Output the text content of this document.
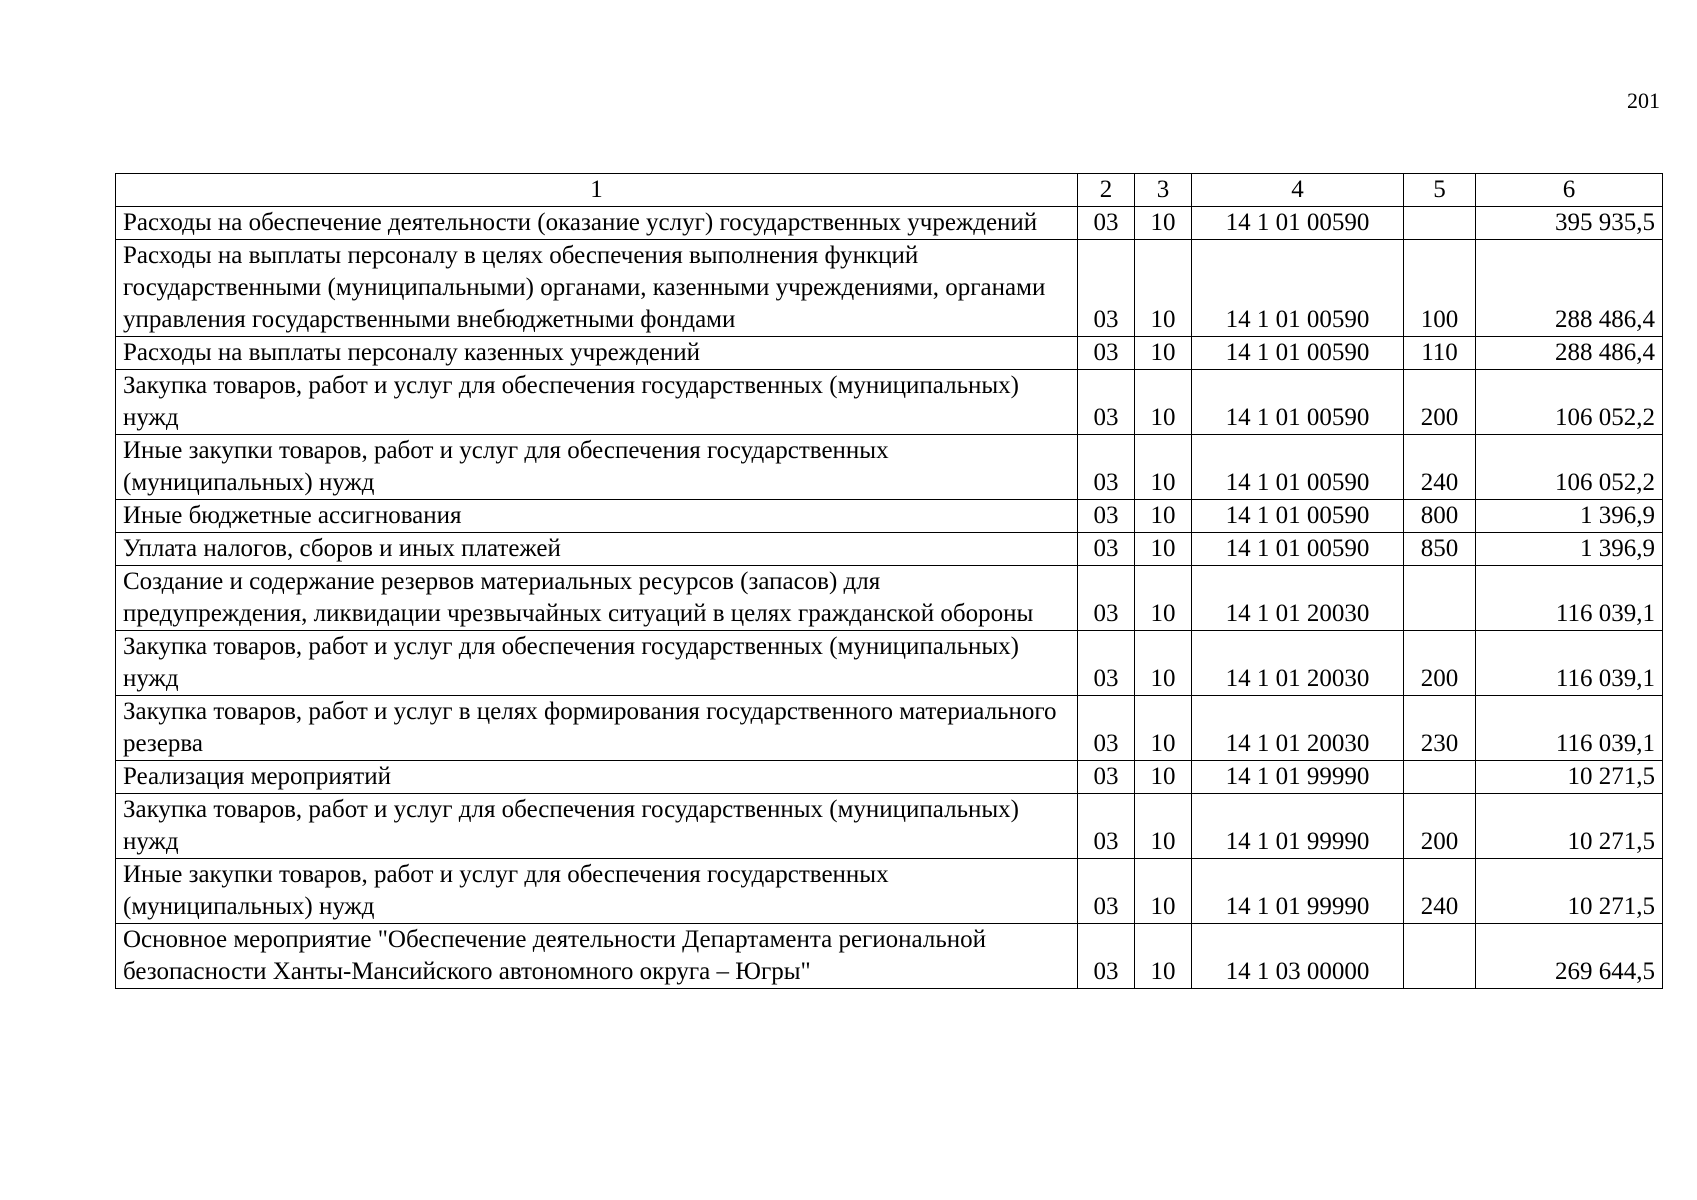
201
1	2	3	4	5	6
Расходы на обеспечение деятельности (оказание услуг) государственных учреждений	03	10	14 1 01 00590		395 935,5
Расходы на выплаты персоналу в целях обеспечения выполнения функций государственными (муниципальными) органами, казенными учреждениями, органами управления государственными внебюджетными фондами	03	10	14 1 01 00590	100	288 486,4
Расходы на выплаты персоналу казенных учреждений	03	10	14 1 01 00590	110	288 486,4
Закупка товаров, работ и услуг для обеспечения государственных (муниципальных) нужд	03	10	14 1 01 00590	200	106 052,2
Иные закупки товаров, работ и услуг для обеспечения государственных (муниципальных) нужд	03	10	14 1 01 00590	240	106 052,2
Иные бюджетные ассигнования	03	10	14 1 01 00590	800	1 396,9
Уплата налогов, сборов и иных платежей	03	10	14 1 01 00590	850	1 396,9
Создание и содержание резервов материальных ресурсов (запасов) для предупреждения, ликвидации чрезвычайных ситуаций в целях гражданской обороны	03	10	14 1 01 20030		116 039,1
Закупка товаров, работ и услуг для обеспечения государственных (муниципальных) нужд	03	10	14 1 01 20030	200	116 039,1
Закупка товаров, работ и услуг в целях формирования государственного материального резерва	03	10	14 1 01 20030	230	116 039,1
Реализация мероприятий	03	10	14 1 01 99990		10 271,5
Закупка товаров, работ и услуг для обеспечения государственных (муниципальных) нужд	03	10	14 1 01 99990	200	10 271,5
Иные закупки товаров, работ и услуг для обеспечения государственных (муниципальных) нужд	03	10	14 1 01 99990	240	10 271,5
Основное мероприятие "Обеспечение деятельности Департамента региональной безопасности Ханты-Мансийского автономного округа – Югры"	03	10	14 1 03 00000		269 644,5
